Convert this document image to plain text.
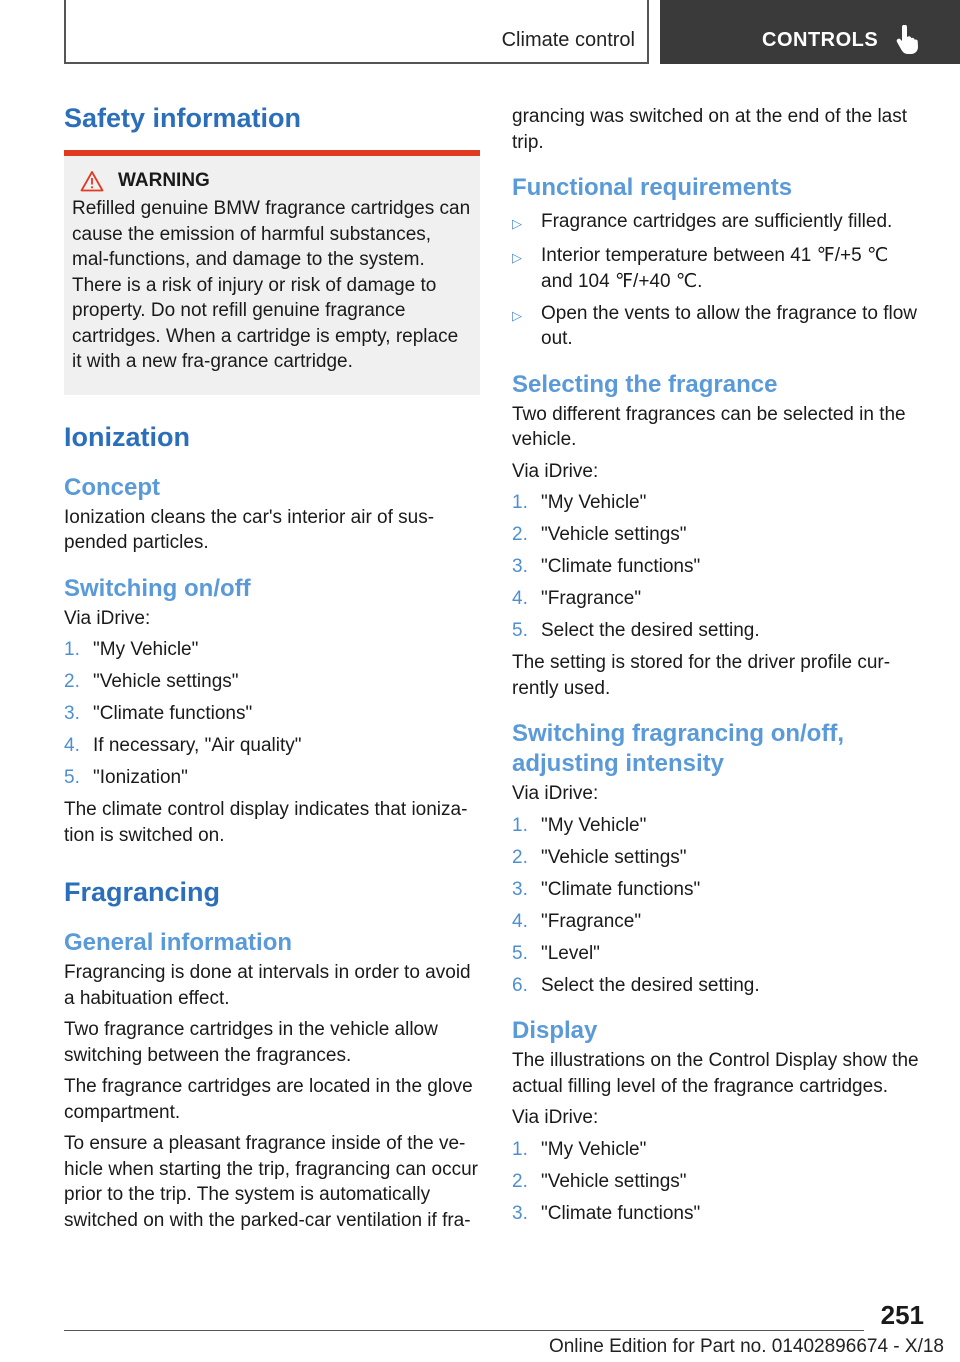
Climate control	CONTROLS
Safety information
WARNING

Refilled genuine BMW fragrance cartridges can cause the emission of harmful substances, mal-functions, and damage to the system. There is a risk of injury or risk of damage to property. Do not refill genuine fragrance cartridges. When a cartridge is empty, replace it with a new fra-grance cartridge.

Ionization
Concept

Ionization cleans the car's interior air of sus-pended particles.

Switching on/off

Via iDrive:

1. "My Vehicle"
2. "Vehicle settings"
3. "Climate functions"
4. If necessary, "Air quality"
5. "Ionization"

The climate control display indicates that ioniza-tion is switched on.

Fragrancing
General information

Fragrancing is done at intervals in order to avoid a habituation effect.

Two fragrance cartridges in the vehicle allow switching between the fragrances.

The fragrance cartridges are located in the glove compartment.

To ensure a pleasant fragrance inside of the ve-hicle when starting the trip, fragrancing can occur prior to the trip. The system is automatically switched on with the parked-car ventilation if fra-

grancing was switched on at the end of the last trip.

Functional requirements
▷	Fragrance cartridges are sufficiently filled.
▷	Interior temperature between 41 ℉/+5 ℃ and 104 ℉/+40 ℃.
▷	Open the vents to allow the fragrance to flow out.
Selecting the fragrance

Two different fragrances can be selected in the vehicle.

Via iDrive:

1. "My Vehicle"
2. "Vehicle settings"
3. "Climate functions"
4. "Fragrance"
5. Select the desired setting.

The setting is stored for the driver profile cur-rently used.

Switching fragrancing on/off, adjusting intensity

Via iDrive:

1. "My Vehicle"
2. "Vehicle settings"
3. "Climate functions"
4. "Fragrance"
5. "Level"
6. Select the desired setting.
Display

The illustrations on the Control Display show the actual filling level of the fragrance cartridges.

Via iDrive:

1. "My Vehicle"
2. "Vehicle settings"
3. "Climate functions"
251
Online Edition for Part no. 01402896674 - X/18
